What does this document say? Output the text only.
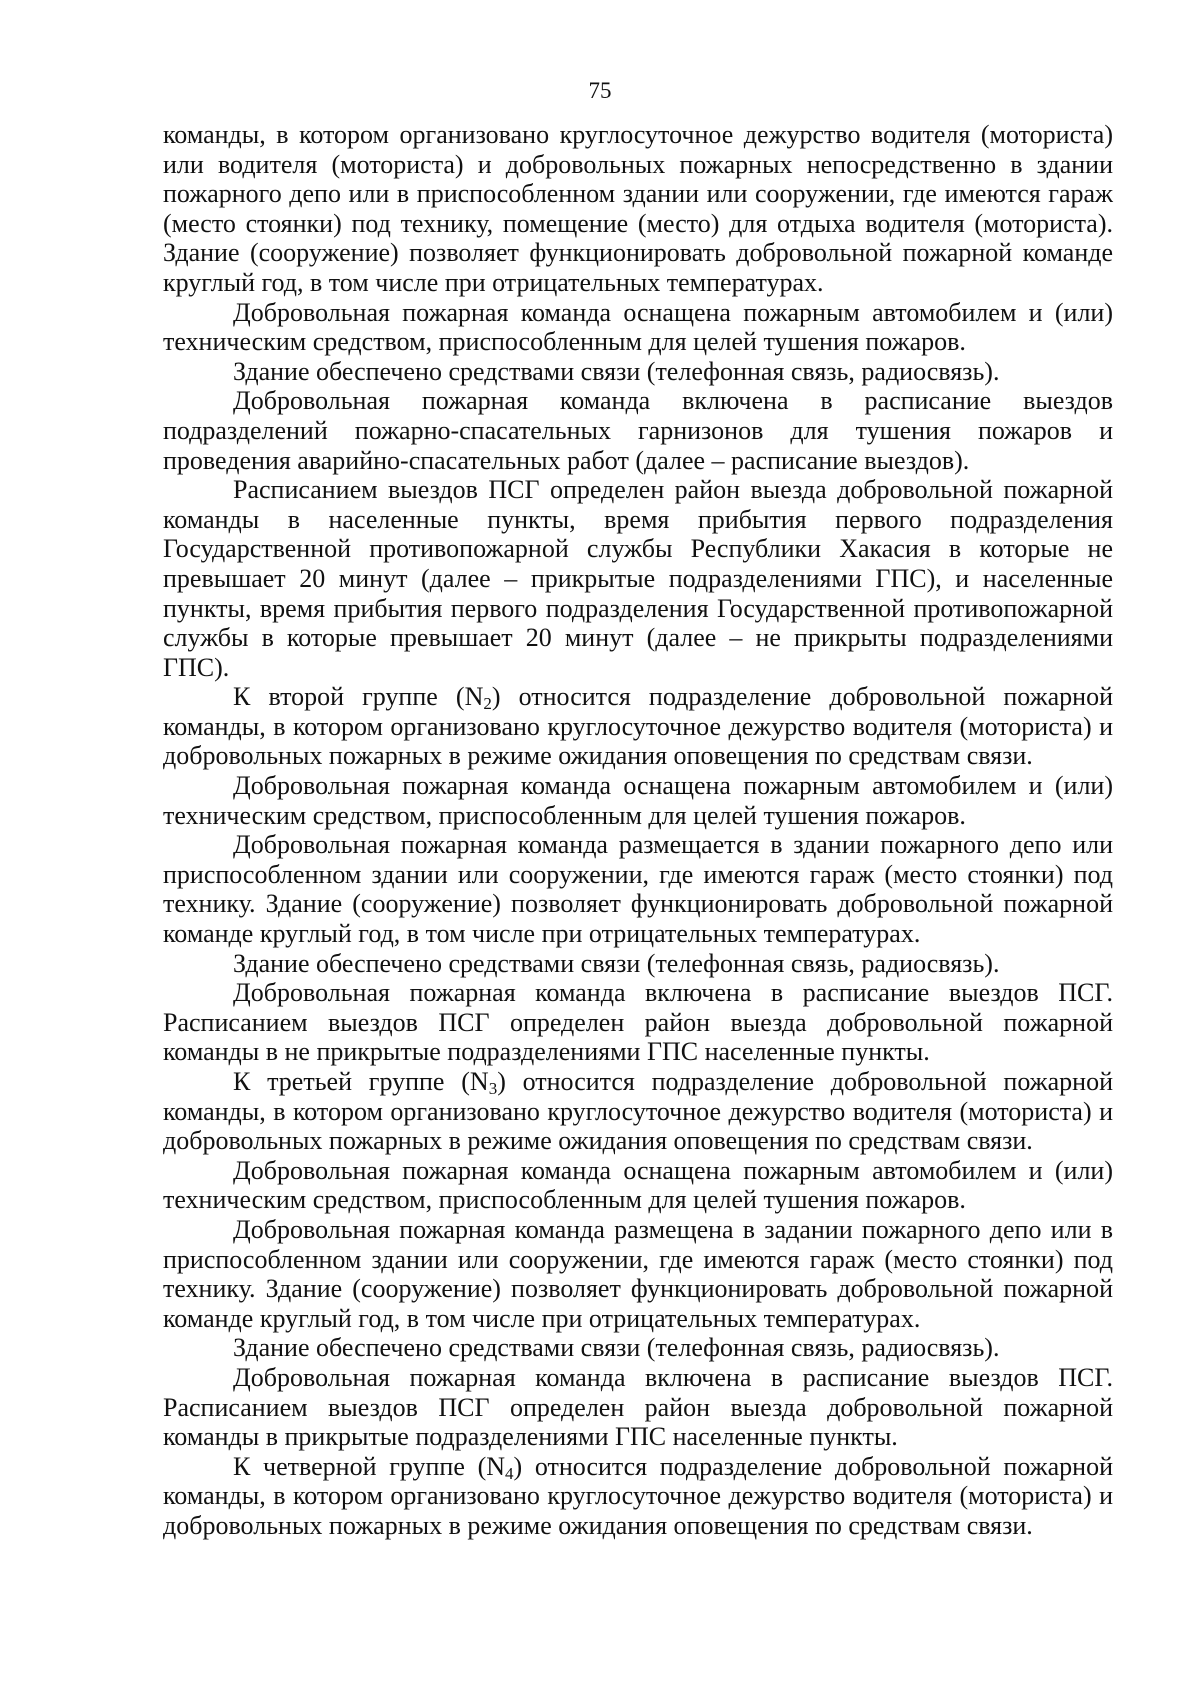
75

команды, в котором организовано круглосуточное дежурство водителя (моториста) или водителя (моториста) и добровольных пожарных непосредственно в здании пожарного депо или в приспособленном здании или сооружении, где имеются гараж (место стоянки) под технику, помещение (место) для отдыха водителя (моториста). Здание (сооружение) позволяет функционировать добровольной пожарной команде круглый год, в том числе при отрицательных температурах.

Добровольная пожарная команда оснащена пожарным автомобилем и (или) техническим средством, приспособленным для целей тушения пожаров.

Здание обеспечено средствами связи (телефонная связь, радиосвязь).

Добровольная пожарная команда включена в расписание выездов подразделений пожарно-спасательных гарнизонов для тушения пожаров и проведения аварийно-спасательных работ (далее – расписание выездов).

Расписанием выездов ПСГ определен район выезда добровольной пожарной команды в населенные пункты, время прибытия первого подразделения Государственной противопожарной службы Республики Хакасия в которые не превышает 20 минут (далее – прикрытые подразделениями ГПС), и населенные пункты, время прибытия первого подразделения Государственной противопожарной службы в которые превышает 20 минут (далее – не прикрыты подразделениями ГПС).

К второй группе $(N_2)$ относится подразделение добровольной пожарной команды, в котором организовано круглосуточное дежурство водителя (моториста) и добровольных пожарных в режиме ожидания оповещения по средствам связи.

Добровольная пожарная команда оснащена пожарным автомобилем и (или) техническим средством, приспособленным для целей тушения пожаров.

Добровольная пожарная команда размещается в здании пожарного депо или приспособленном здании или сооружении, где имеются гараж (место стоянки) под технику. Здание (сооружение) позволяет функционировать добровольной пожарной команде круглый год, в том числе при отрицательных температурах.

Здание обеспечено средствами связи (телефонная связь, радиосвязь).

Добровольная пожарная команда включена в расписание выездов ПСГ. Расписанием выездов ПСГ определен район выезда добровольной пожарной команды в не прикрытые подразделениями ГПС населенные пункты.

К третьей группе $(N_3)$ относится подразделение добровольной пожарной команды, в котором организовано круглосуточное дежурство водителя (моториста) и добровольных пожарных в режиме ожидания оповещения по средствам связи.

Добровольная пожарная команда оснащена пожарным автомобилем и (или) техническим средством, приспособленным для целей тушения пожаров.

Добровольная пожарная команда размещена в задании пожарного депо или в приспособленном здании или сооружении, где имеются гараж (место стоянки) под технику. Здание (сооружение) позволяет функционировать добровольной пожарной команде круглый год, в том числе при отрицательных температурах.

Здание обеспечено средствами связи (телефонная связь, радиосвязь).

Добровольная пожарная команда включена в расписание выездов ПСГ. Расписанием выездов ПСГ определен район выезда добровольной пожарной команды в прикрытые подразделениями ГПС населенные пункты.

К четверной группе $(N_4)$ относится подразделение добровольной пожарной команды, в котором организовано круглосуточное дежурство водителя (моториста) и добровольных пожарных в режиме ожидания оповещения по средствам связи.
